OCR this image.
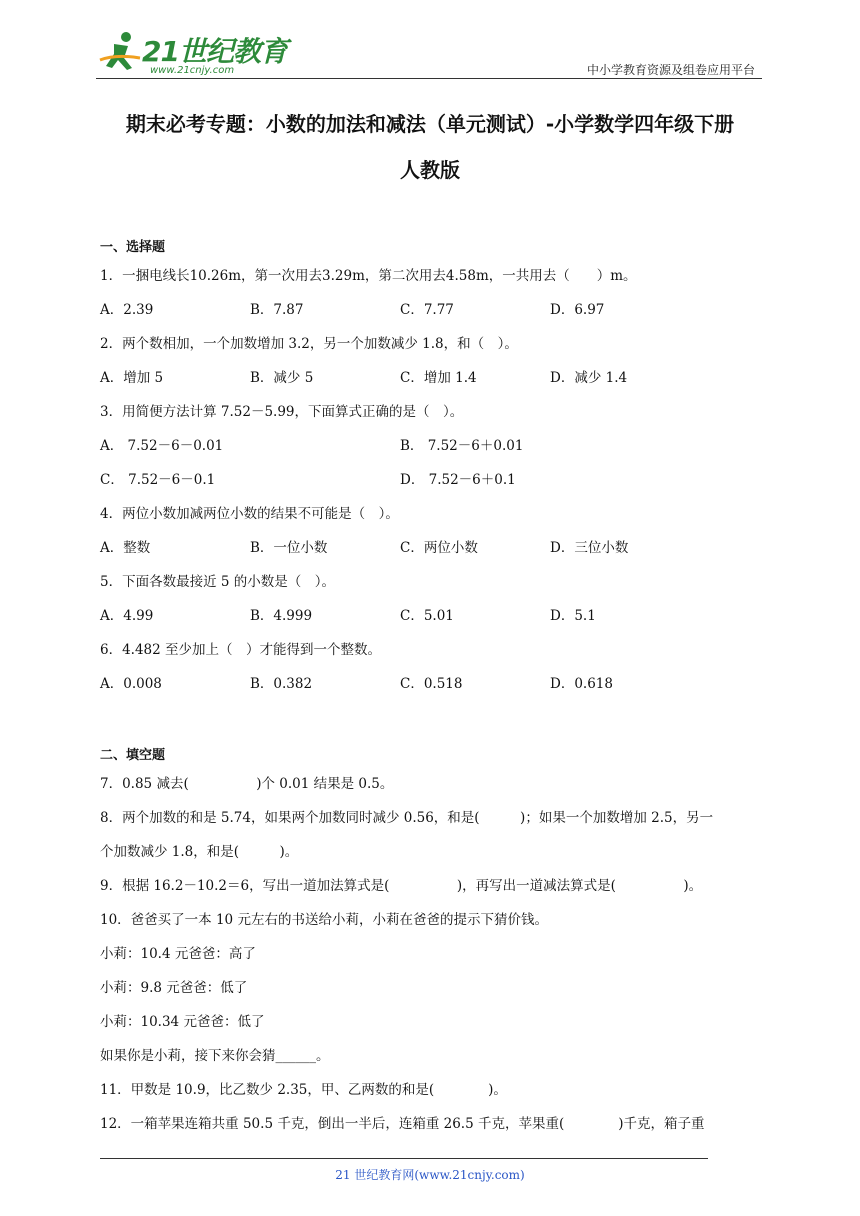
21世纪教育
www.21cnjy.com	中小学教育资源及组卷应用平台
期末必考专题：小数的加法和减法（单元测试）-小学数学四年级下册
人教版
一、选择题
1．一捆电线长10.26m，第一次用去3.29m，第二次用去4.58m，一共用去（　　）m。
A．2.39	B．7.87	C．7.77	D．6.97
2．两个数相加，一个加数增加 3.2，另一个加数减少 1.8，和（　）。
A．增加 5	B．减少 5	C．增加 1.4	D．减少 1.4
3．用简便方法计算 7.52－5.99，下面算式正确的是（　）。
A． 7.52－6－0.01	B． 7.52－6＋0.01
C． 7.52－6－0.1	D． 7.52－6＋0.1
4．两位小数加减两位小数的结果不可能是（　）。
A．整数	B．一位小数	C．两位小数	D．三位小数
5．下面各数最接近 5 的小数是（　）。
A．4.99	B．4.999	C．5.01	D．5.1
6．4.482 至少加上（　）才能得到一个整数。
A．0.008	B．0.382	C．0.518	D．0.618
二、填空题
7．0.85 减去(　　　　　)个 0.01 结果是 0.5。
8．两个加数的和是 5.74，如果两个加数同时减少 0.56，和是(　　　)；如果一个加数增加 2.5，另一
个加数减少 1.8，和是(　　　)。
9．根据 16.2－10.2＝6，写出一道加法算式是(　　　　　)，再写出一道减法算式是(　　　　　)。
10．爸爸买了一本 10 元左右的书送给小莉，小莉在爸爸的提示下猜价钱。
小莉：10.4 元爸爸：高了
小莉：9.8 元爸爸：低了
小莉：10.34 元爸爸：低了
如果你是小莉，接下来你会猜______。
11．甲数是 10.9，比乙数少 2.35，甲、乙两数的和是(　　　　)。
12．一箱苹果连箱共重 50.5 千克，倒出一半后，连箱重 26.5 千克，苹果重(　　　　)千克，箱子重
21 世纪教育网(www.21cnjy.com)
